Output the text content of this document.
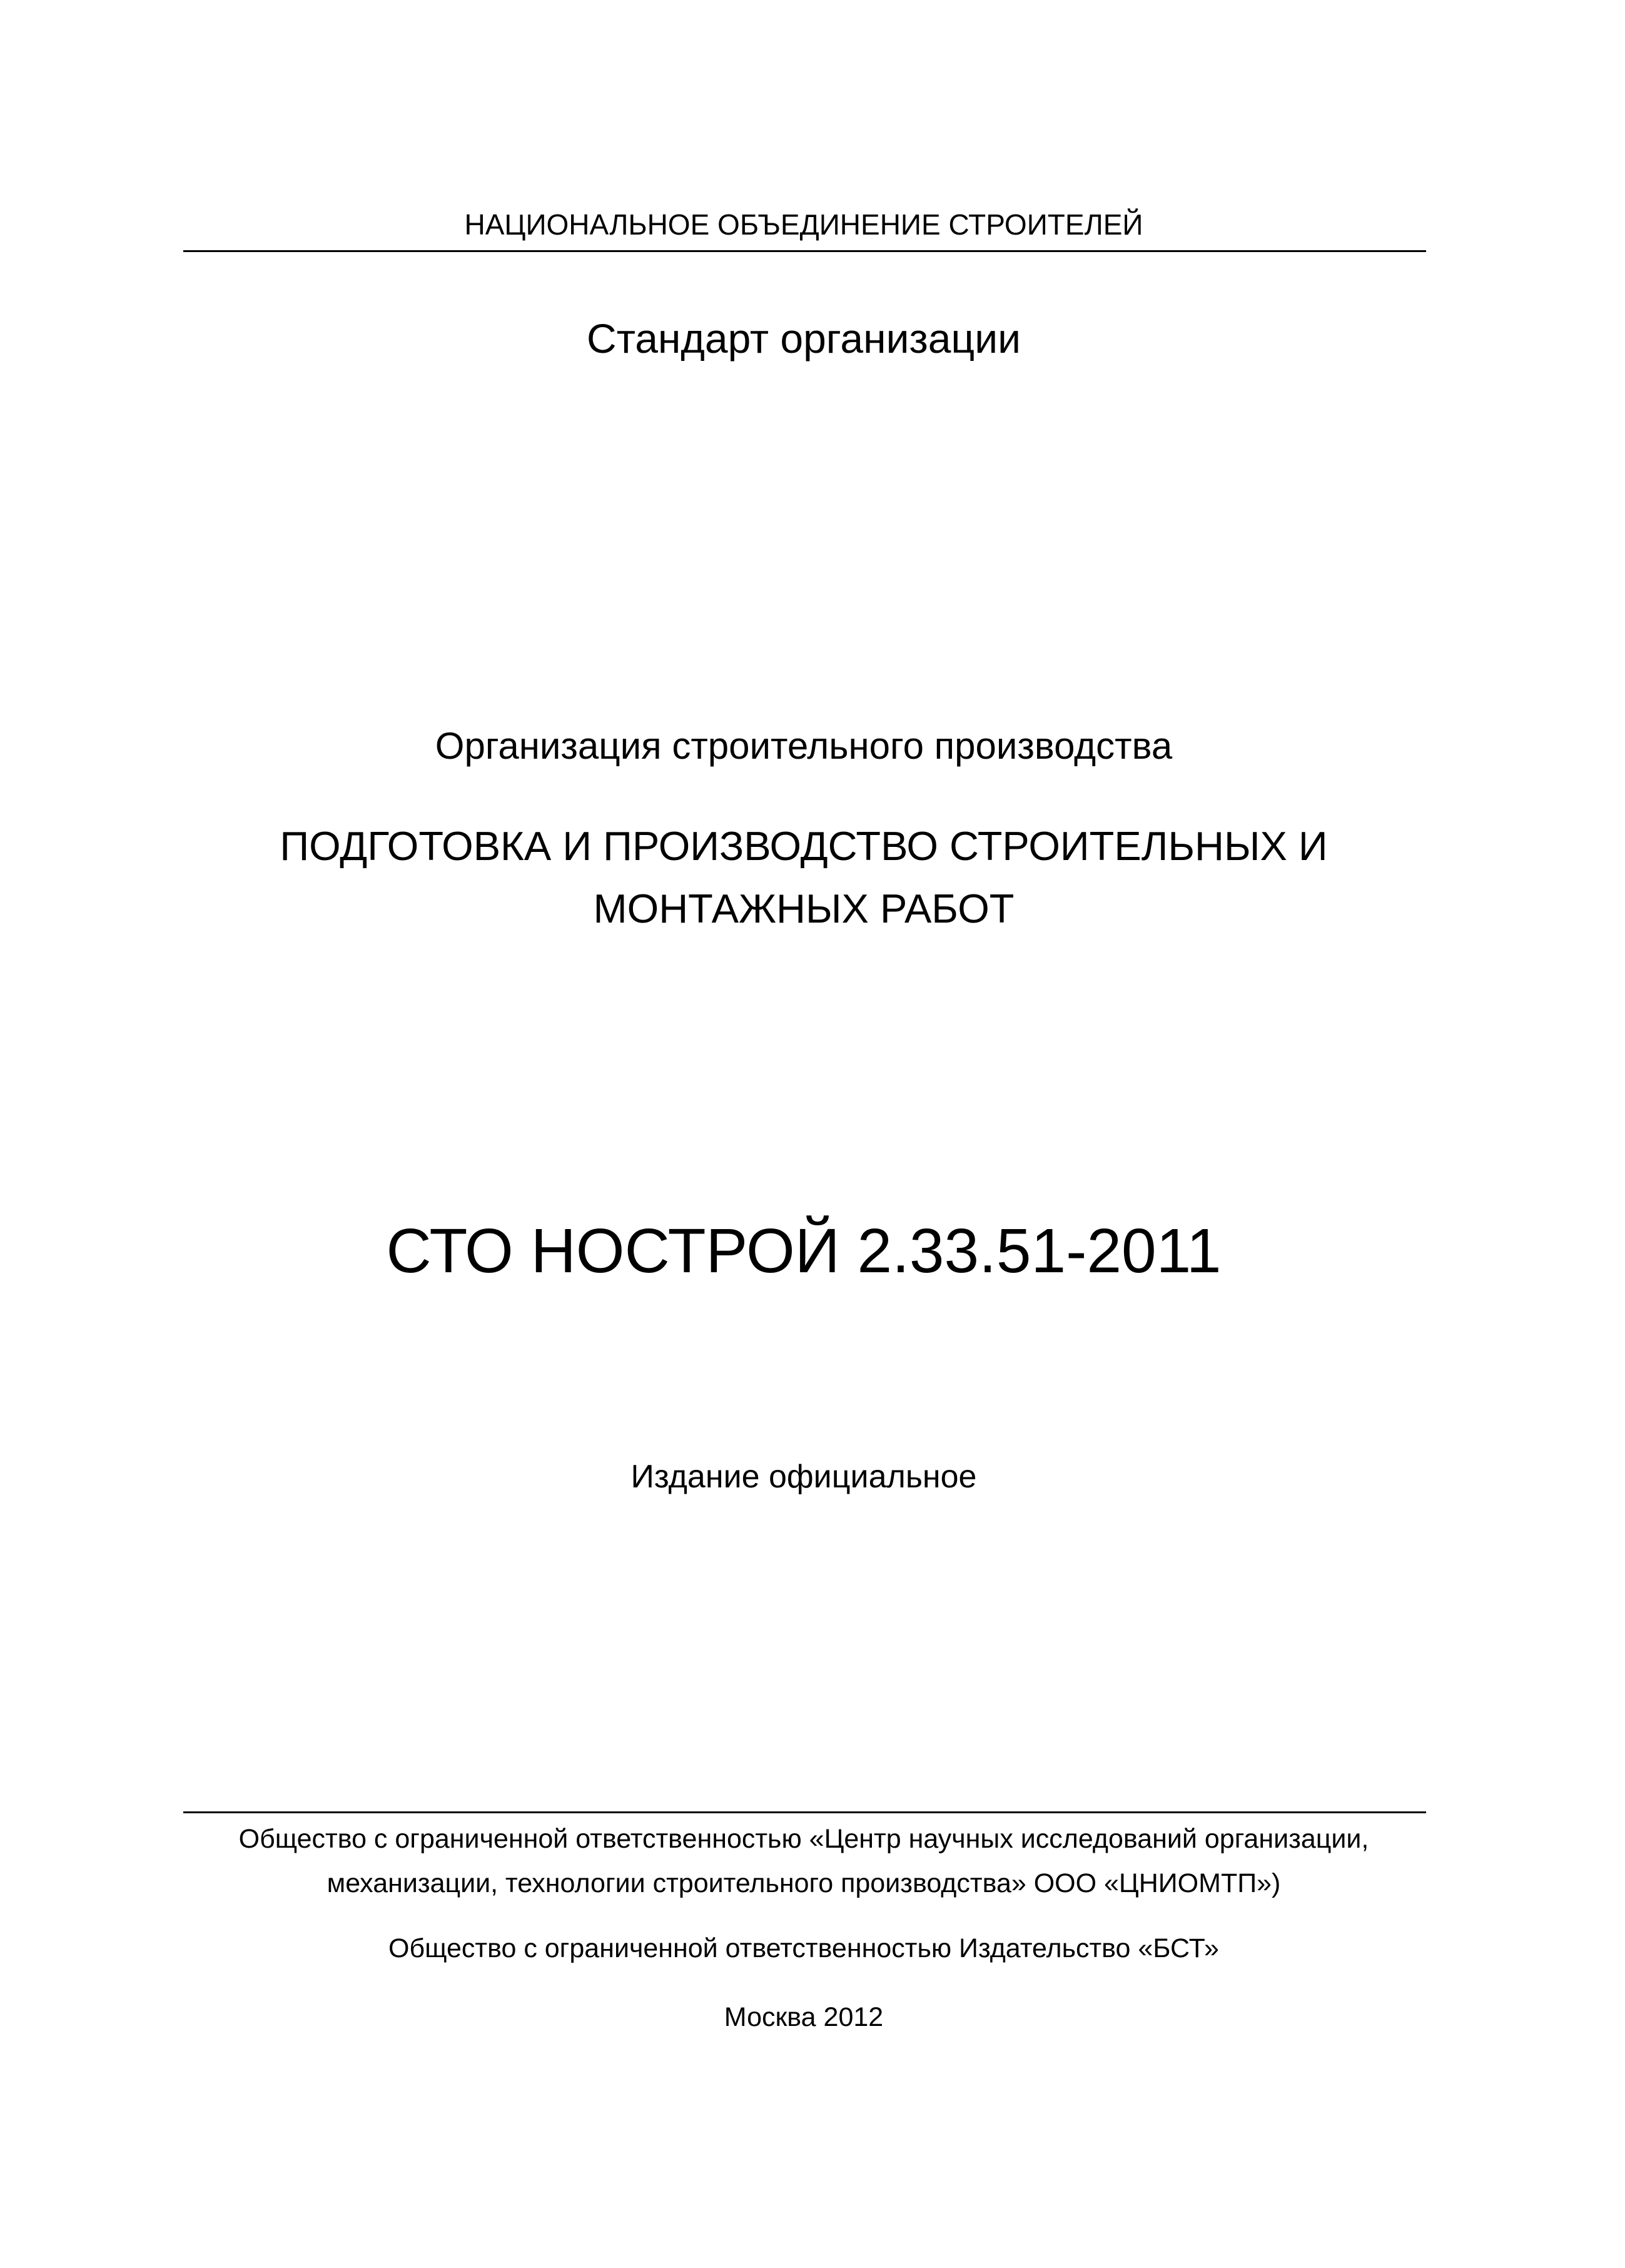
НАЦИОНАЛЬНОЕ ОБЪЕДИНЕНИЕ СТРОИТЕЛЕЙ
Стандарт организации
Организация строительного производства
ПОДГОТОВКА И ПРОИЗВОДСТВО СТРОИТЕЛЬНЫХ И
МОНТАЖНЫХ РАБОТ
СТО НОСТРОЙ 2.33.51-2011
Издание официальное
Общество с ограниченной ответственностью «Центр научных исследований организации,
механизации, технологии строительного производства» ООО «ЦНИОМТП»)
Общество с ограниченной ответственностью Издательство «БСТ»
Москва 2012
